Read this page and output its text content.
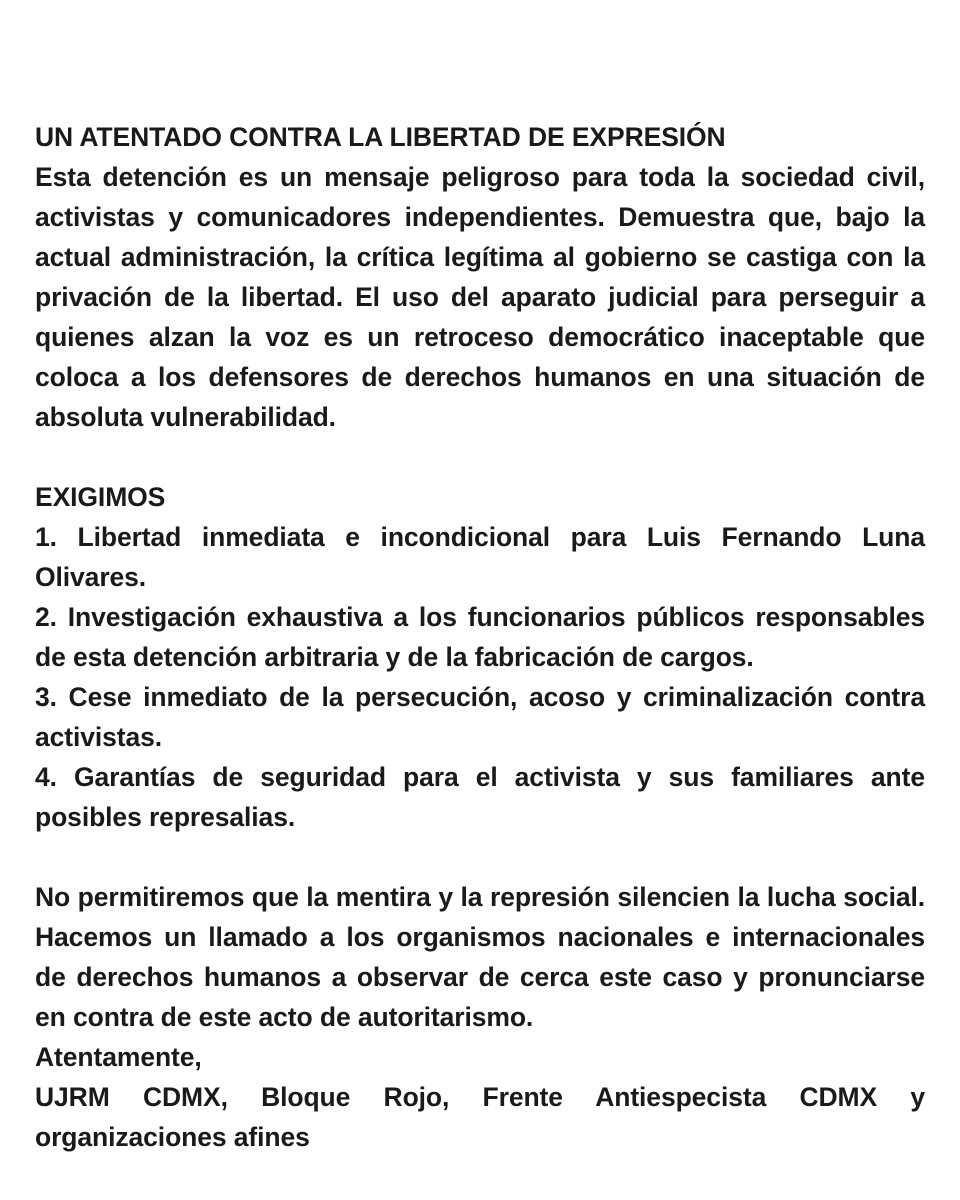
UN ATENTADO CONTRA LA LIBERTAD DE EXPRESIÓN

Esta detención es un mensaje peligroso para toda la sociedad civil, activistas y comunicadores independientes. Demuestra que, bajo la actual administración, la crítica legítima al gobierno se castiga con la privación de la libertad. El uso del aparato judicial para perseguir a quienes alzan la voz es un retroceso democrático inaceptable que coloca a los defensores de derechos humanos en una situación de absoluta vulnerabilidad.

EXIGIMOS

1. Libertad inmediata e incondicional para Luis Fernando Luna Olivares.

2. Investigación exhaustiva a los funcionarios públicos responsables de esta detención arbitraria y de la fabricación de cargos.

3. Cese inmediato de la persecución, acoso y criminalización contra activistas.

4. Garantías de seguridad para el activista y sus familiares ante posibles represalias.

No permitiremos que la mentira y la represión silencien la lucha social. Hacemos un llamado a los organismos nacionales e internacionales de derechos humanos a observar de cerca este caso y pronunciarse en contra de este acto de autoritarismo.

Atentamente,

UJRM CDMX, Bloque Rojo, Frente Antiespecista CDMX y organizaciones afines
